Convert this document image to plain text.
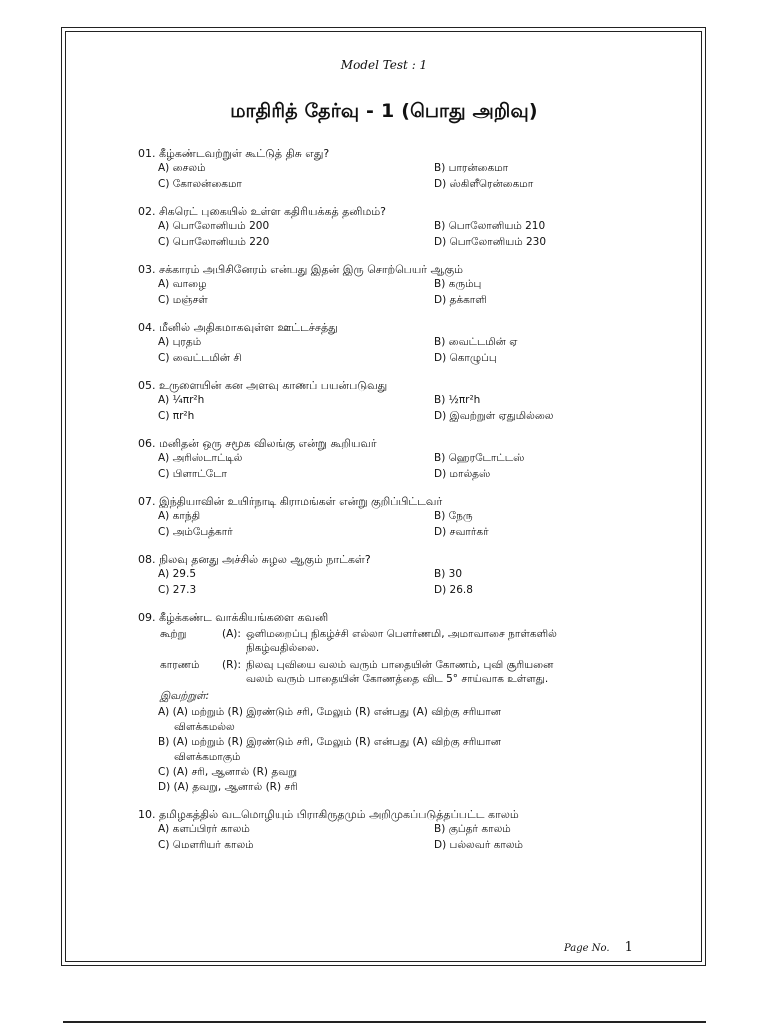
Model Test : 1
மாதிரித் தேர்வு - 1 (பொது அறிவு)
01. கீழ்கண்டவற்றுள் கூட்டுத் திசு எது?
A) சைலம்	B) பாரன்கைமா
C) கோலன்கைமா	D) ஸ்கிளீரென்கைமா
02. சிகரெட் புகையில் உள்ள கதிரியக்கத் தனிமம்?
A) பொலோனியம் 200	B) பொலோனியம் 210
C) பொலோனியம் 220	D) பொலோனியம் 230
03. சக்காரம் அபிசினேரம் என்பது இதன் இரு சொற்பெயர் ஆகும்
A) வாழை	B) கரும்பு
C) மஞ்சள்	D) தக்காளி
04. மீனில் அதிகமாகவுள்ள ஊட்டச்சத்து
A) புரதம்	B) வைட்டமின் ஏ
C) வைட்டமின் சி	D) கொழுப்பு
05. உருளையின் கன அளவு காணப் பயன்படுவது
A) ¼πr²h	B) ½πr²h
C) πr²h	D) இவற்றுள் ஏதுமில்லை
06. மனிதன் ஒரு சமூக விலங்கு என்று கூறியவர்
A) அரிஸ்டாட்டில்	B) ஹெரடோட்டஸ்
C) பிளாட்டோ	D) மால்தஸ்
07. இந்தியாவின் உயிர்நாடி கிராமங்கள் என்று குறிப்பிட்டவர்
A) காந்தி	B) நேரு
C) அம்பேத்கார்	D) சவார்கர்
08. நிலவு தனது அச்சில் சுழல ஆகும் நாட்கள்?
A) 29.5	B) 30
C) 27.3	D) 26.8
09. கீழ்க்கண்ட வாக்கியங்களை கவனி
கூற்று	(A): ஒளிமறைப்பு நிகழ்ச்சி எல்லா பௌர்ணமி, அமாவாசை நாள்களில் நிகழ்வதில்லை.
காரணம்	(R): நிலவு புவியை வலம் வரும் பாதையின் கோணம், புவி சூரியனை வலம் வரும் பாதையின் கோணத்தை விட 5° சாய்வாக உள்ளது.
இவற்றுள்:
A) (A) மற்றும் (R) இரண்டும் சரி, மேலும் (R) என்பது (A) விற்கு சரியான
விளக்கமல்ல
B) (A) மற்றும் (R) இரண்டும் சரி, மேலும் (R) என்பது (A) விற்கு சரியான
விளக்கமாகும்
C) (A) சரி, ஆனால் (R) தவறு
D) (A) தவறு, ஆனால் (R) சரி
10. தமிழகத்தில் வடமொழியும் பிராகிருதமும் அறிமுகப்படுத்தப்பட்ட காலம்
A) களப்பிரர் காலம்	B) குப்தர் காலம்
C) மௌரியர் காலம்	D) பல்லவர் காலம்
Page No. 1
